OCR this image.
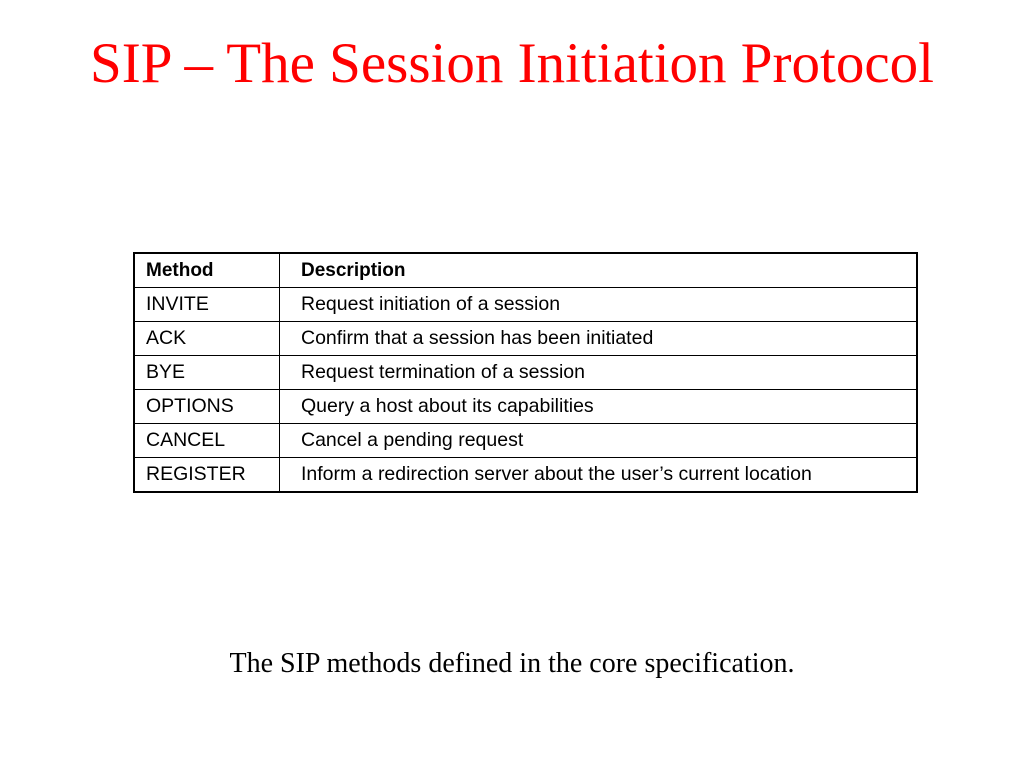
SIP – The Session Initiation Protocol
Method	Description
INVITE	Request initiation of a session
ACK	Confirm that a session has been initiated
BYE	Request termination of a session
OPTIONS	Query a host about its capabilities
CANCEL	Cancel a pending request
REGISTER	Inform a redirection server about the user’s current location

The SIP methods defined in the core specification.
